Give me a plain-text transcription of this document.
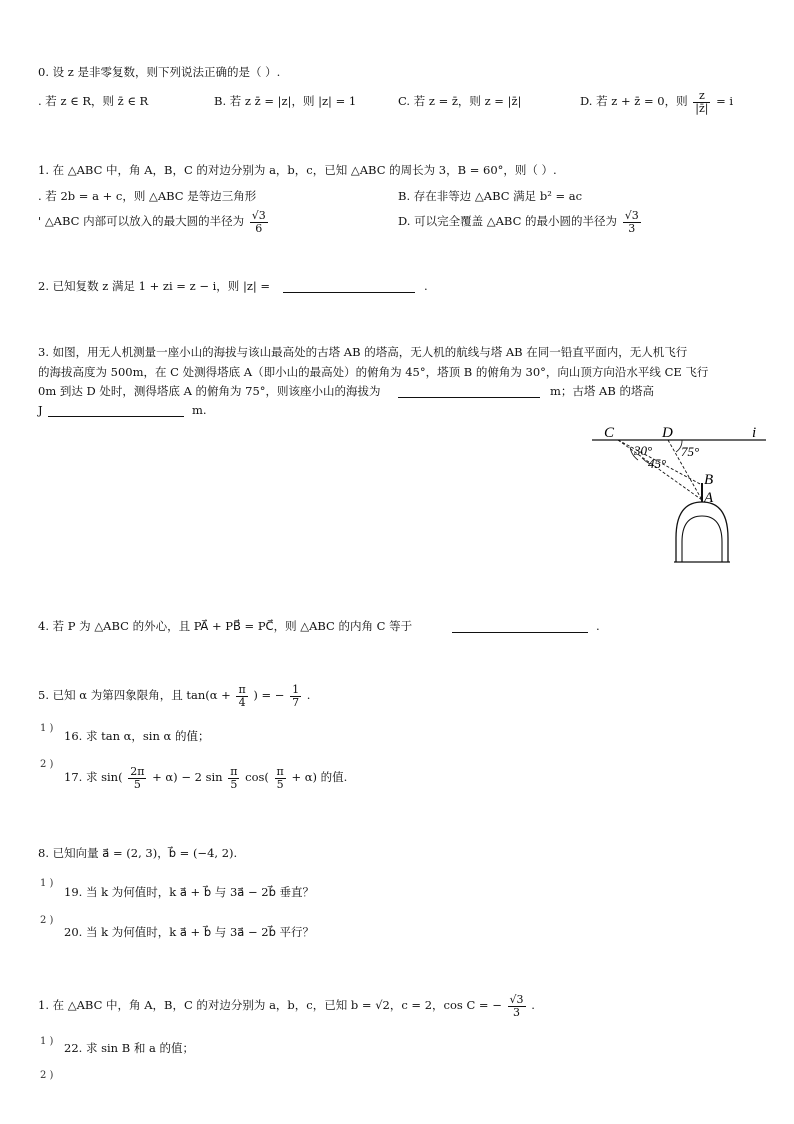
0. 设 z 是非零复数，则下列说法正确的是（ ）.
. 若 z ∈ R，则 z̄ ∈ R	B. 若 z z̄ = |z|，则 |z| = 1	C. 若 z = z̄，则 z = |z̄|	D. 若 z + z̄ = 0，则 $\frac{z}{|z̄|} = i$
1. 在 △ABC 中，角 A，B，C 的对边分别为 a，b，c，已知 △ABC 的周长为 3，B = 60°，则（ ）.
. 若 2b = a + c，则 △ABC 是等边三角形	B. 存在非等边 △ABC 满足 b² = ac
' △ABC 内部可以放入的最大圆的半径为 $\frac{√3}{6}$	D. 可以完全覆盖 △ABC 的最小圆的半径为 $\frac{√3}{3}$
2. 已知复数 z 满足 1 + zi = z − i，则 |z| =	.
3. 如图，用无人机测量一座小山的海拔与该山最高处的古塔 AB 的塔高，无人机的航线与塔 AB 在同一铅直平面内，无人机飞行
的海拔高度为 500m，在 C 处测得塔底 A（即小山的最高处）的俯角为 45°，塔顶 B 的俯角为 30°，向山顶方向沿水平线 CE 飞行
0m 到达 D 处时，测得塔底 A 的俯角为 75°，则该座小山的海拔为	m；古塔 AB 的塔高
J	m.
C	D	i
30°
45°
75°
B
A
4. 若 P 为 △ABC 的外心，且 PA⃗ + PB⃗ = PC⃗，则 △ABC 的内角 C 等于	.
5. 已知 α 为第四象限角，且 $\tan(\alpha + \frac{\pi}{4}$ ) = − $\frac{1}{7}$ .
1 )
16. 求 tan α，sin α 的值；
2 )
17. 求 $\sin( \frac{2\pi}{5} + \alpha) - 2$ $\sin \frac{\pi}{5} \cos( \frac{\pi}{5} + \alpha)$ 的值.
8. 已知向量 a⃗ = (2, 3)，b⃗ = (−4, 2).
1 )
19. 当 k 为何值时，k a⃗ + b⃗ 与 3a⃗ − 2b⃗ 垂直？
2 )
20. 当 k 为何值时，k a⃗ + b⃗ 与 3a⃗ − 2b⃗ 平行？
1. 在 △ABC 中，角 A，B，C 的对边分别为 a，b，c，已知 b = √2，c = 2，cos C = − $\frac{√3}{3}$ .
1 ) 22. 求 sin B 和 a 的值；
2 )
